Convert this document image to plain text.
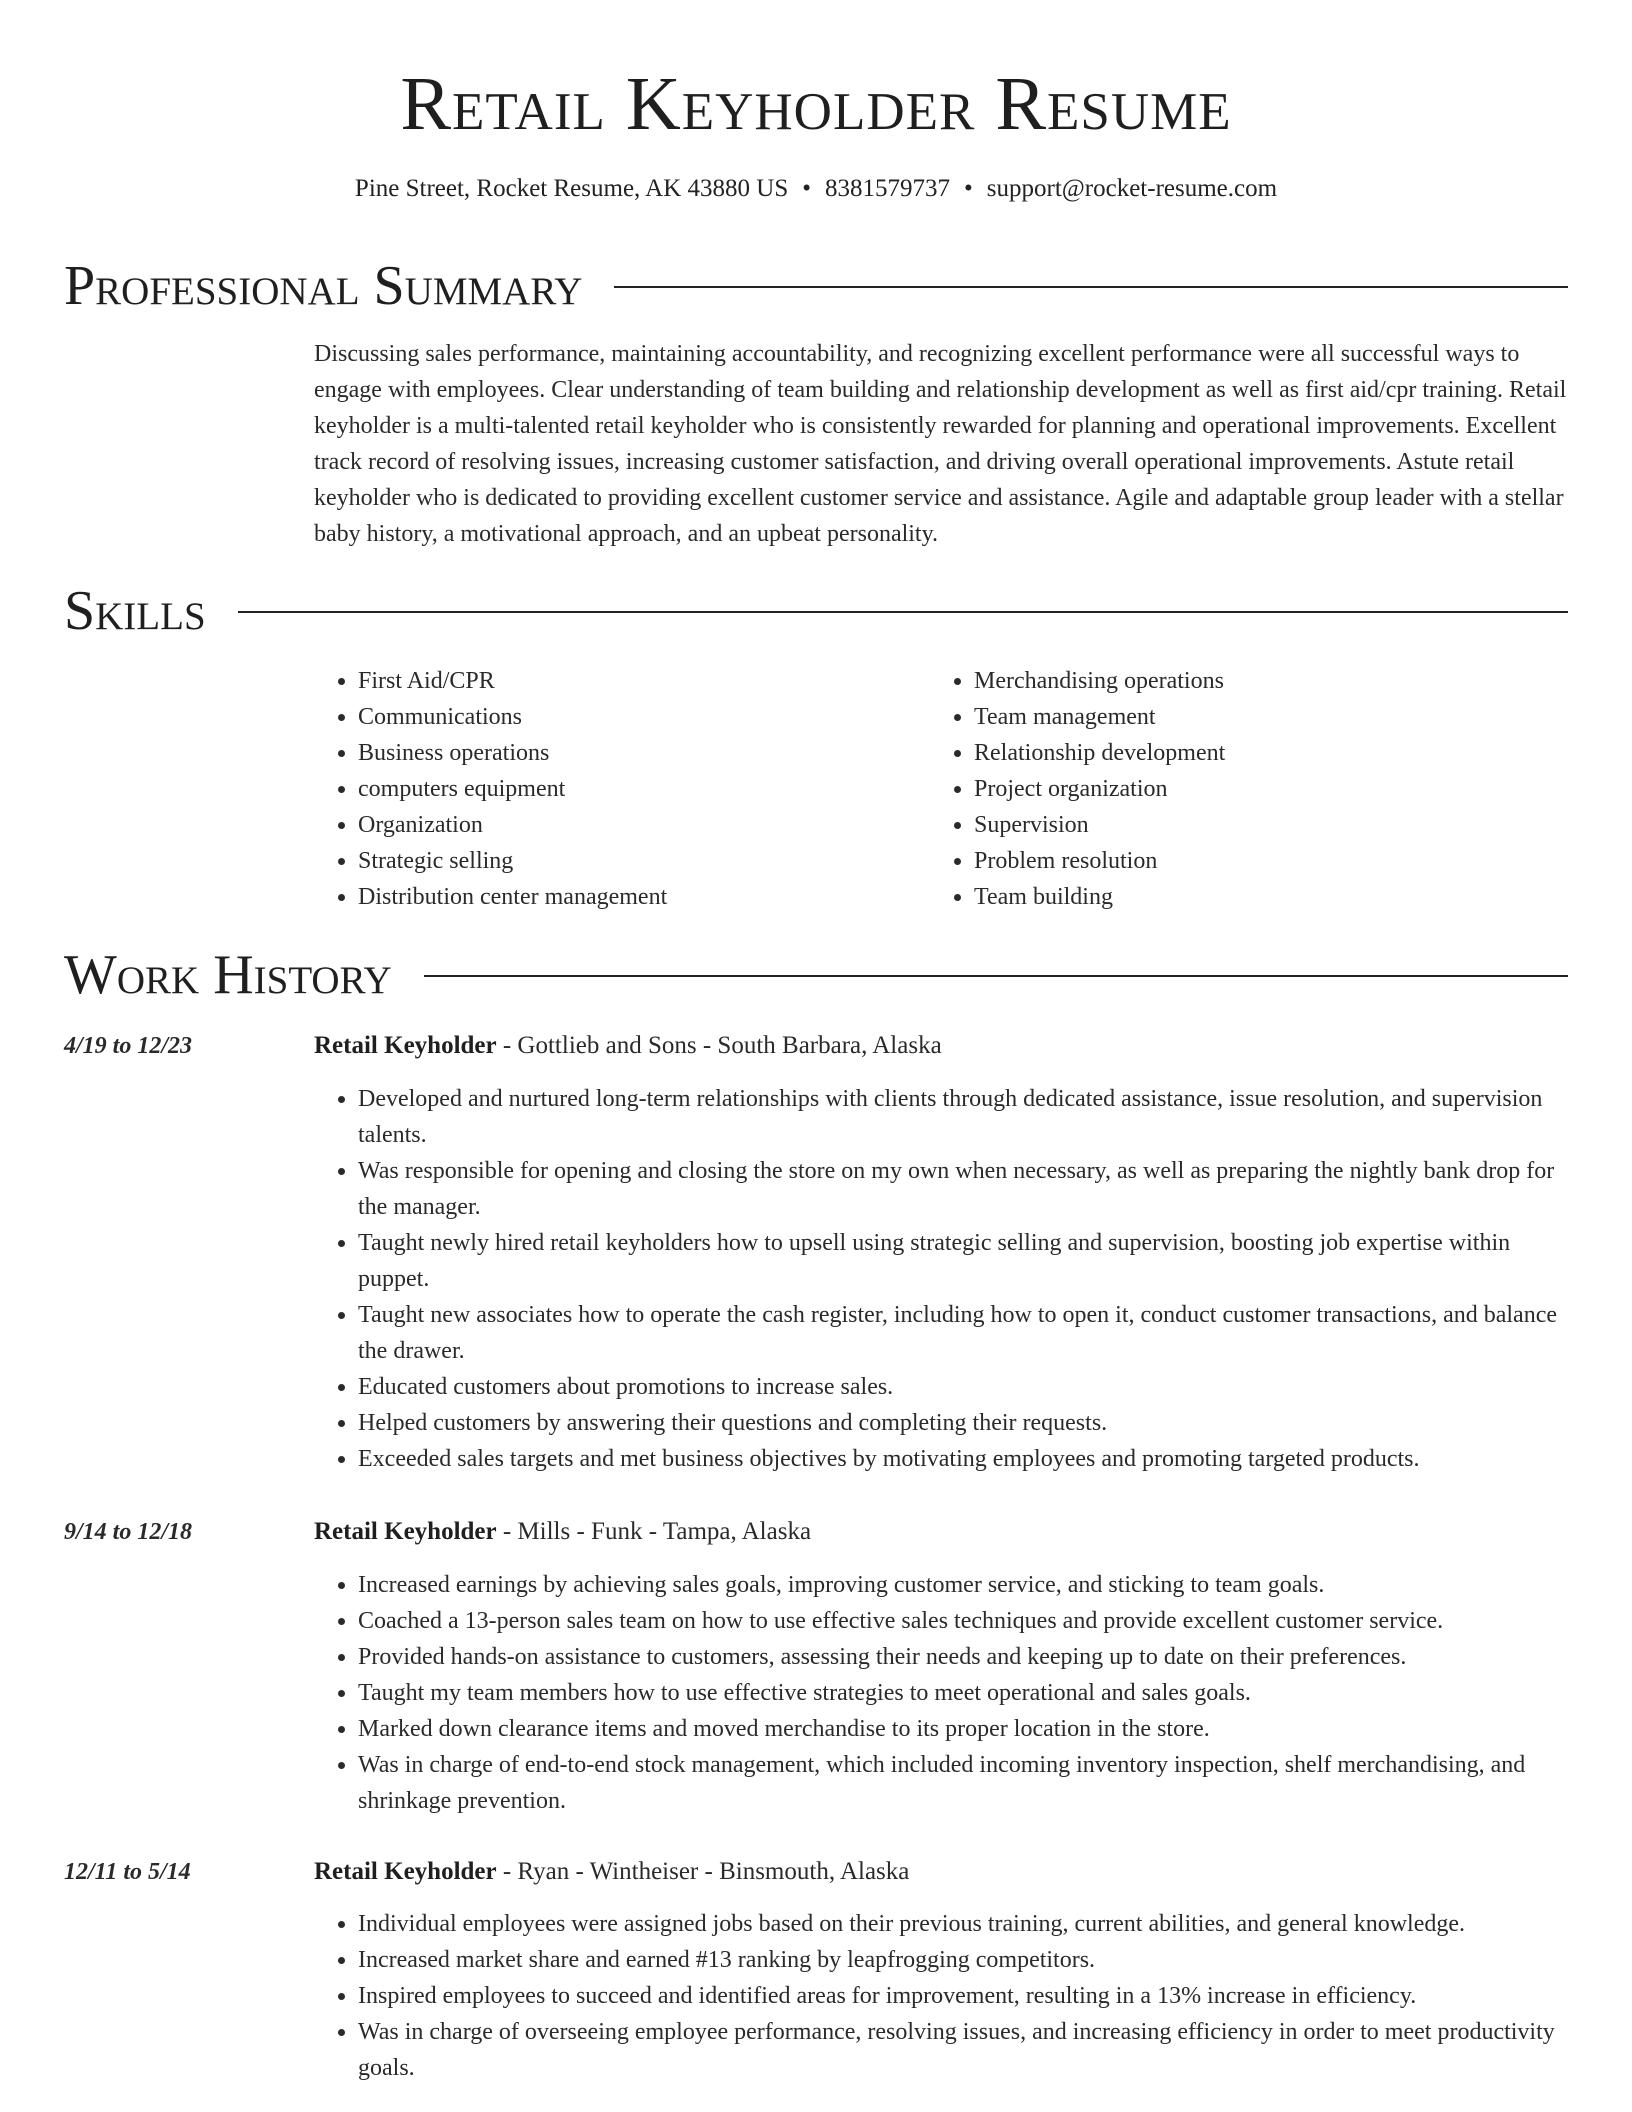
Retail Keyholder Resume
Pine Street, Rocket Resume, AK 43880 US • 8381579737 • support@rocket-resume.com
Professional Summary

Discussing sales performance, maintaining accountability, and recognizing excellent performance were all successful ways to engage with employees. Clear understanding of team building and relationship development as well as first aid/cpr training. Retail keyholder is a multi-talented retail keyholder who is consistently rewarded for planning and operational improvements. Excellent track record of resolving issues, increasing customer satisfaction, and driving overall operational improvements. Astute retail keyholder who is dedicated to providing excellent customer service and assistance. Agile and adaptable group leader with a stellar baby history, a motivational approach, and an upbeat personality.

Skills
• First Aid/CPR
• Communications
• Business operations
• computers equipment
• Organization
• Strategic selling
• Distribution center management
• Merchandising operations
• Team management
• Relationship development
• Project organization
• Supervision
• Problem resolution
• Team building
Work History
4/19 to 12/23	Retail Keyholder - Gottlieb and Sons - South Barbara, Alaska
• Developed and nurtured long-term relationships with clients through dedicated assistance, issue resolution, and supervision talents.
• Was responsible for opening and closing the store on my own when necessary, as well as preparing the nightly bank drop for the manager.
• Taught newly hired retail keyholders how to upsell using strategic selling and supervision, boosting job expertise within puppet.
• Taught new associates how to operate the cash register, including how to open it, conduct customer transactions, and balance the drawer.
• Educated customers about promotions to increase sales.
• Helped customers by answering their questions and completing their requests.
• Exceeded sales targets and met business objectives by motivating employees and promoting targeted products.
9/14 to 12/18	Retail Keyholder - Mills - Funk - Tampa, Alaska
• Increased earnings by achieving sales goals, improving customer service, and sticking to team goals.
• Coached a 13-person sales team on how to use effective sales techniques and provide excellent customer service.
• Provided hands-on assistance to customers, assessing their needs and keeping up to date on their preferences.
• Taught my team members how to use effective strategies to meet operational and sales goals.
• Marked down clearance items and moved merchandise to its proper location in the store.
• Was in charge of end-to-end stock management, which included incoming inventory inspection, shelf merchandising, and shrinkage prevention.
12/11 to 5/14	Retail Keyholder - Ryan - Wintheiser - Binsmouth, Alaska
• Individual employees were assigned jobs based on their previous training, current abilities, and general knowledge.
• Increased market share and earned #13 ranking by leapfrogging competitors.
• Inspired employees to succeed and identified areas for improvement, resulting in a 13% increase in efficiency.
• Was in charge of overseeing employee performance, resolving issues, and increasing efficiency in order to meet productivity goals.
